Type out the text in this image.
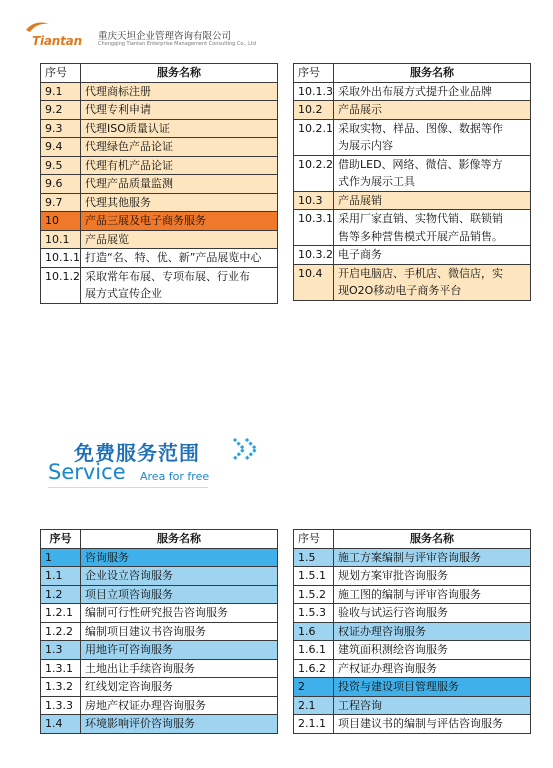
Tiantan 重庆天坦企业管理咨询有限公司
Chongqing Tiantan Enterprise Management Consulting Co., Ltd
序号	服务名称
9.1	代理商标注册
9.2	代理专利申请
9.3	代理ISO质量认证
9.4	代理绿色产品论证
9.5	代理有机产品论证
9.6	代理产品质量监测
9.7	代理其他服务
10	产品三展及电子商务服务
10.1	产品展览
10.1.1	打造“名、特、优、新”产品展览中心
10.1.2	采取常年布展、专项布展、行业布
	展方式宣传企业
序号	服务名称
10.1.3	采取外出布展方式提升企业品牌
10.2	产品展示
10.2.1	采取实物、样品、图像、数据等作
	为展示内容
10.2.2	借助LED、网络、微信、影像等方
	式作为展示工具
10.3	产品展销
10.3.1	采用厂家直销、实物代销、联锁销
	售等多种营售模式开展产品销售。
10.3.2	电子商务
10.4	开启电脑店、手机店、微信店，实
	现O2O移动电子商务平台
免费服务范围
Service Area for free
序号	服务名称
1	咨询服务
1.1	企业设立咨询服务
1.2	项目立项咨询服务
1.2.1	编制可行性研究报告咨询服务
1.2.2	编制项目建议书咨询服务
1.3	用地许可咨询服务
1.3.1	土地出让手续咨询服务
1.3.2	红线划定咨询服务
1.3.3	房地产权证办理咨询服务
1.4	环境影响评价咨询服务
序号	服务名称
1.5	施工方案编制与评审咨询服务
1.5.1	规划方案审批咨询服务
1.5.2	施工图的编制与评审咨询服务
1.5.3	验收与试运行咨询服务
1.6	权证办理咨询服务
1.6.1	建筑面积测绘咨询服务
1.6.2	产权证办理咨询服务
2	投资与建设项目管理服务
2.1	工程咨询
2.1.1	项目建议书的编制与评估咨询服务
